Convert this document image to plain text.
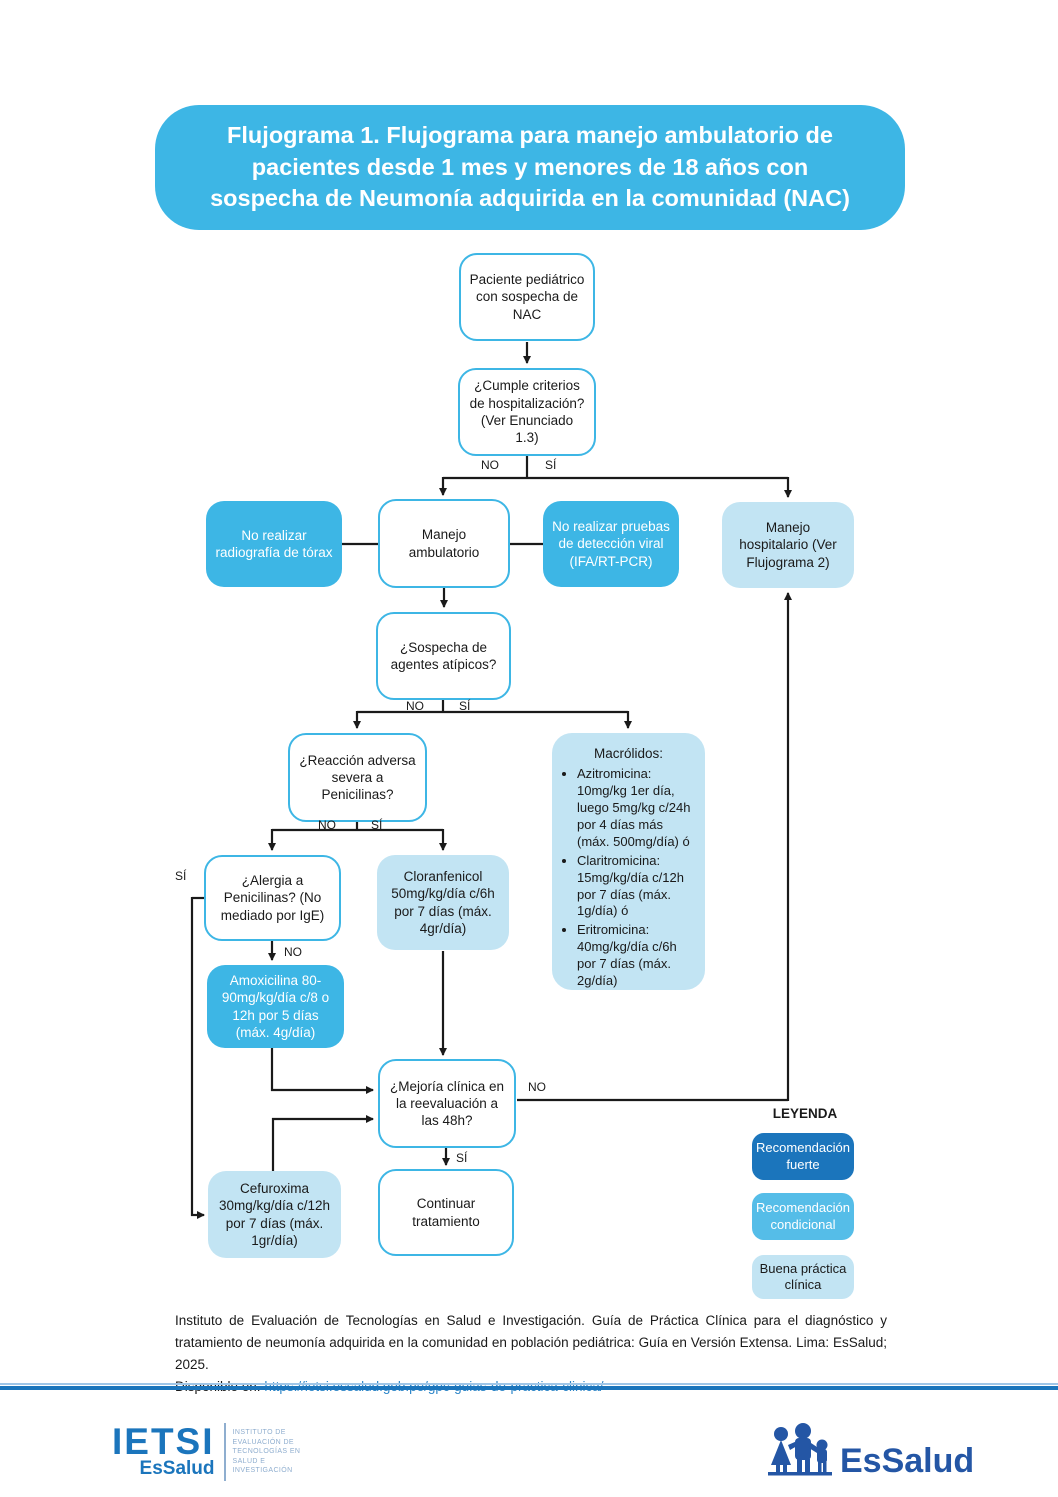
Flujograma 1. Flujograma para manejo ambulatorio de pacientes desde 1 mes y menores de 18 años con sospecha de Neumonía adquirida en la comunidad (NAC)
Paciente pediátrico con sospecha de NAC
¿Cumple criterios de hospitalización? (Ver Enunciado 1.3)
No realizar radiografía de tórax
Manejo ambulatorio
No realizar pruebas de detección viral (IFA/RT-PCR)
Manejo hospitalario (Ver Flujograma 2)
¿Sospecha de agentes atípicos?
¿Reacción adversa severa a Penicilinas?
Macrólidos:
• Azitromicina: 10mg/kg 1er día, luego 5mg/kg c/24h por 4 días más (máx. 500mg/día) ó
• Claritromicina: 15mg/kg/día c/12h por 7 días (máx. 1g/día) ó
• Eritromicina: 40mg/kg/día c/6h por 7 días (máx. 2g/día)
¿Alergia a Penicilinas? (No mediado por IgE)
Cloranfenicol 50mg/kg/día c/6h por 7 días (máx. 4gr/día)
Amoxicilina 80-90mg/kg/día c/8 o 12h por 5 días (máx. 4g/día)
¿Mejoría clínica en la reevaluación a las 48h?
Cefuroxima 30mg/kg/día c/12h por 7 días (máx. 1gr/día)
Continuar tratamiento
NO	SÍ
NO	SÍ
NO	SÍ
NO
SÍ
NO
SÍ
LEYENDA
Recomendación fuerte
Recomendación condicional
Buena práctica clínica
Instituto de Evaluación de Tecnologías en Salud e Investigación. Guía de Práctica Clínica para el diagnóstico y tratamiento de neumonía adquirida en la comunidad en población pediátrica: Guía en Versión Extensa. Lima: EsSalud; 2025.
IETSI
EsSalud
INSTITUTO DE
EVALUACIÓN DE
TECNOLOGÍAS EN
SALUD E
INVESTIGACIÓN	EsSalud
